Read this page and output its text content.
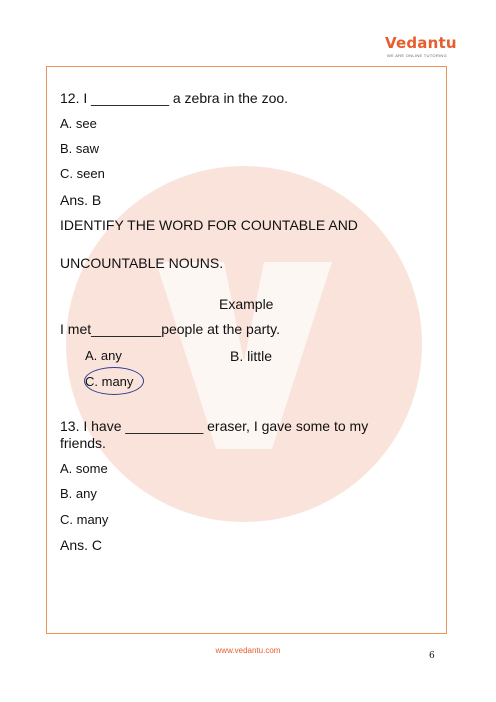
Vedantu
WE ARE ONLINE TUTORING
12. I __________ a zebra in the zoo.
A. see
B. saw
C. seen
Ans. B
IDENTIFY THE WORD FOR COUNTABLE AND
UNCOUNTABLE NOUNS.
Example
I met_________people at the party.
A. any	B. little
C. many
13. I have __________ eraser, I gave some to my
friends.
A. some
B. any
C. many
Ans. C
www.vedantu.com
6
